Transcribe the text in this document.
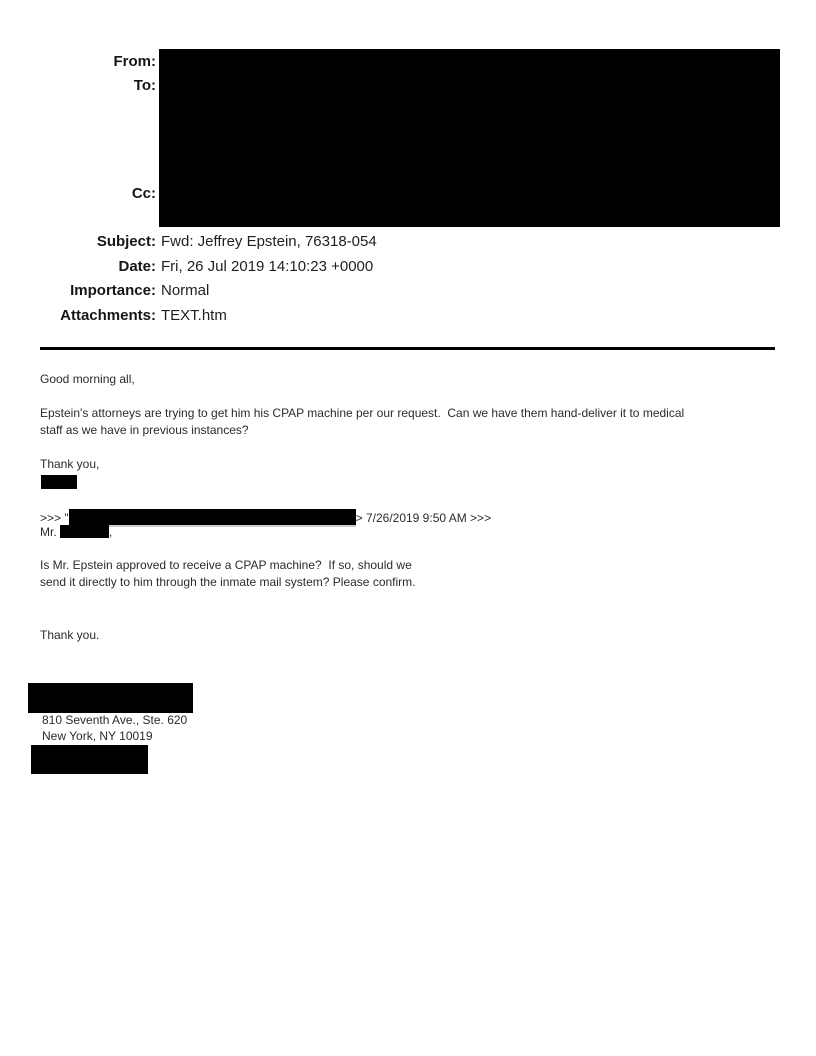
From:
To:
Cc:
Subject:
Date:
Importance:
Attachments:
Fwd: Jeffrey Epstein, 76318-054
Fri, 26 Jul 2019 14:10:23 +0000
Normal
TEXT.htm
Good morning all,
Epstein's attorneys are trying to get him his CPAP machine per our request.  Can we have them hand-deliver it to medical
staff as we have in previous instances?
Thank you,
>>> "	> 7/26/2019 9:50 AM >>>
Mr.	,
Is Mr. Epstein approved to receive a CPAP machine?  If so, should we
send it directly to him through the inmate mail system? Please confirm.
Thank you.
810 Seventh Ave., Ste. 620
New York, NY 10019
